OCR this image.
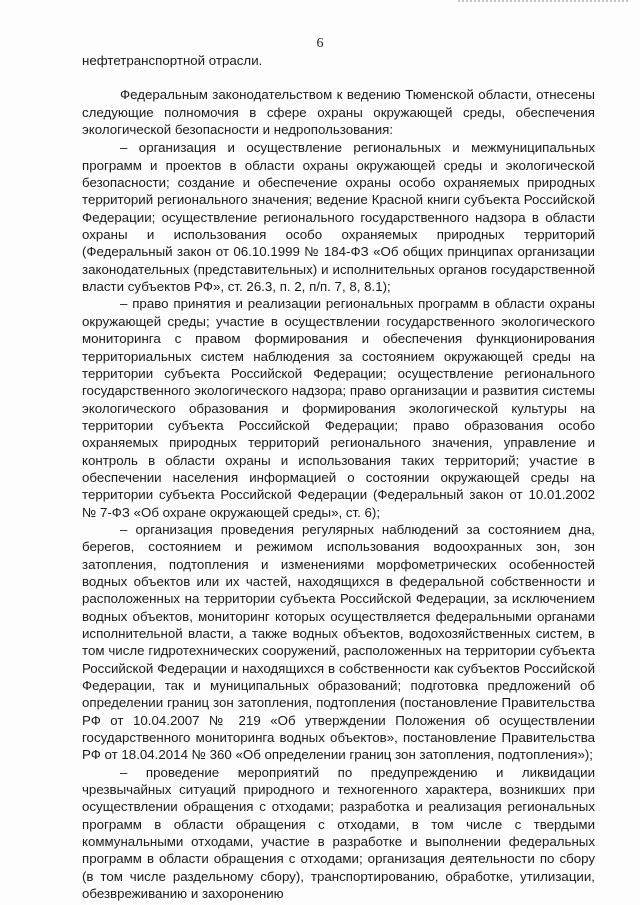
6

нефтетранспортной отрасли.

Федеральным законодательством к ведению Тюменской области, отнесены следующие полномочия в сфере охраны окружающей среды, обеспечения экологической безопасности и недропользования:

– организация и осуществление региональных и межмуниципальных программ и проектов в области охраны окружающей среды и экологической безопасности; создание и обеспечение охраны особо охраняемых природных территорий регионального значения; ведение Красной книги субъекта Российской Федерации; осуществление регионального государственного надзора в области охраны и использования особо охраняемых природных территорий (Федеральный закон от 06.10.1999 № 184-ФЗ «Об общих принципах организации законодательных (представительных) и исполнительных органов государственной власти субъектов РФ», ст. 26.3, п. 2, п/п. 7, 8, 8.1);

– право принятия и реализации региональных программ в области охраны окружающей среды; участие в осуществлении государственного экологического мониторинга с правом формирования и обеспечения функционирования территориальных систем наблюдения за состоянием окружающей среды на территории субъекта Российской Федерации; осуществление регионального государственного экологического надзора; право организации и развития системы экологического образования и формирования экологической культуры на территории субъекта Российской Федерации; право образования особо охраняемых природных территорий регионального значения, управление и контроль в области охраны и использования таких территорий; участие в обеспечении населения информацией о состоянии окружающей среды на территории субъекта Российской Федерации (Федеральный закон от 10.01.2002 № 7-ФЗ «Об охране окружающей среды», ст. 6);

– организация проведения регулярных наблюдений за состоянием дна, берегов, состоянием и режимом использования водоохранных зон, зон затопления, подтопления и изменениями морфометрических особенностей водных объектов или их частей, находящихся в федеральной собственности и расположенных на территории субъекта Российской Федерации, за исключением водных объектов, мониторинг которых осуществляется федеральными органами исполнительной власти, а также водных объектов, водохозяйственных систем, в том числе гидротехнических сооружений, расположенных на территории субъекта Российской Федерации и находящихся в собственности как субъектов Российской Федерации, так и муниципальных образований; подготовка предложений об определении границ зон затопления, подтопления (постановление Правительства РФ от 10.04.2007 № 219 «Об утверждении Положения об осуществлении государственного мониторинга водных объектов», постановление Правительства РФ от 18.04.2014 № 360 «Об определении границ зон затопления, подтопления»);

– проведение мероприятий по предупреждению и ликвидации чрезвычайных ситуаций природного и техногенного характера, возникших при осуществлении обращения с отходами; разработка и реализация региональных программ в области обращения с отходами, в том числе с твердыми коммунальными отходами, участие в разработке и выполнении федеральных программ в области обращения с отходами; организация деятельности по сбору (в том числе раздельному сбору), транспортированию, обработке, утилизации, обезвреживанию и захоронению
